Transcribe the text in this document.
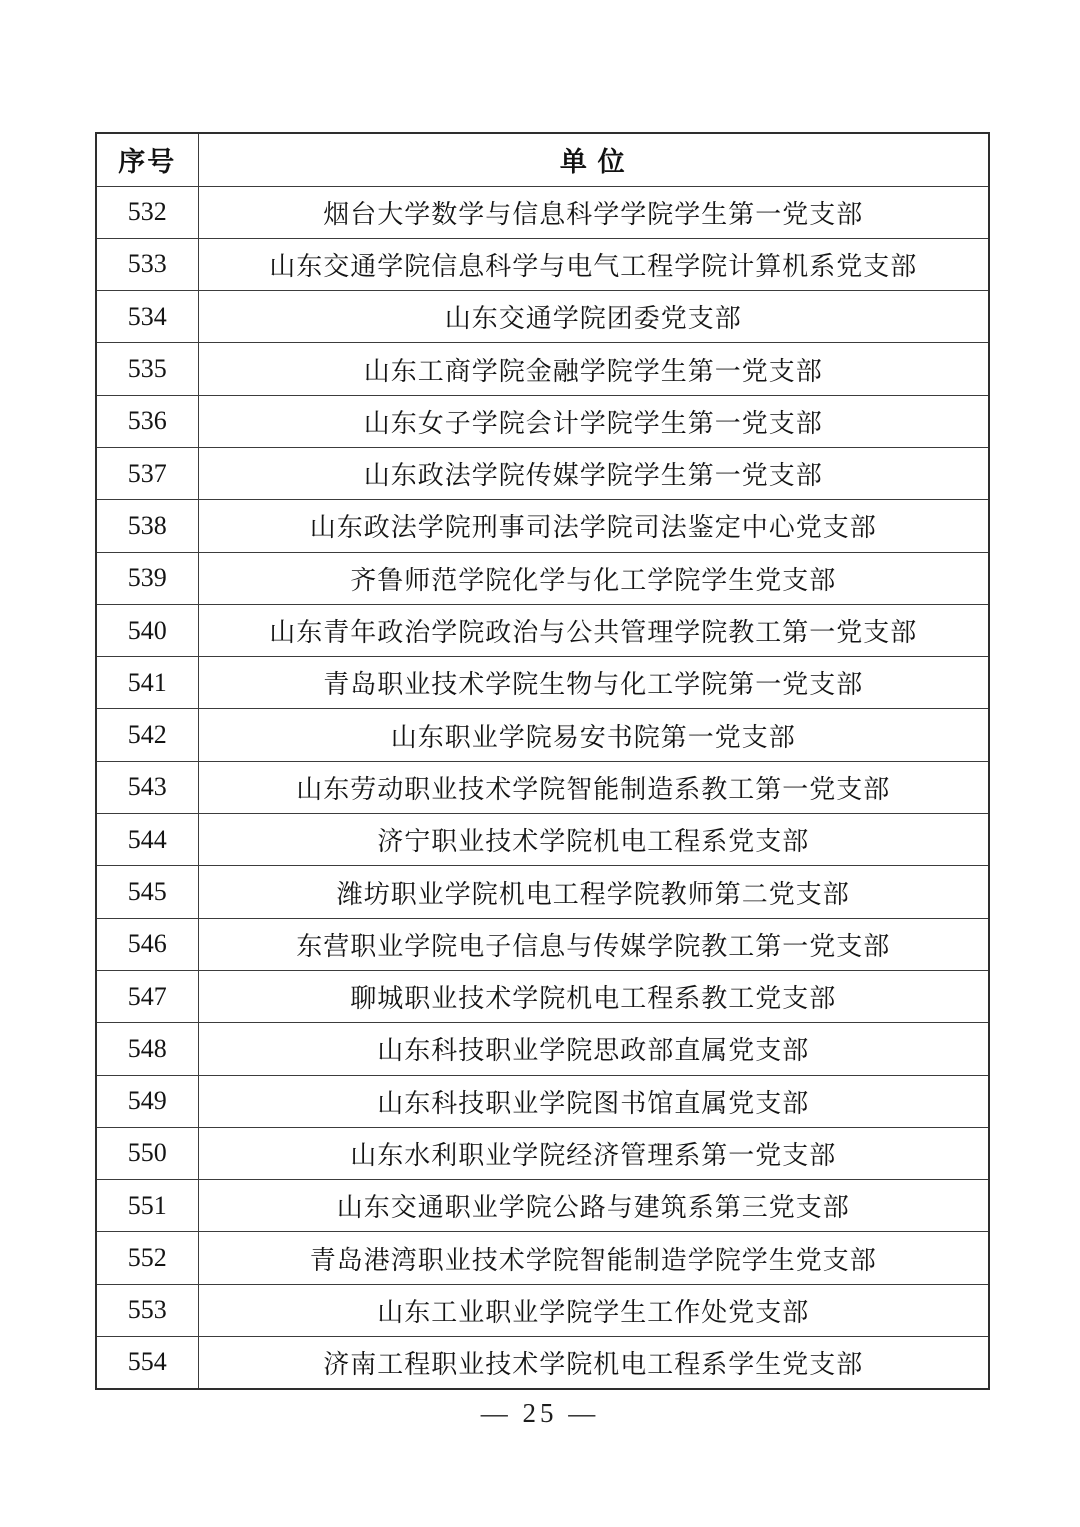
序号	单 位
532	烟台大学数学与信息科学学院学生第一党支部
533	山东交通学院信息科学与电气工程学院计算机系党支部
534	山东交通学院团委党支部
535	山东工商学院金融学院学生第一党支部
536	山东女子学院会计学院学生第一党支部
537	山东政法学院传媒学院学生第一党支部
538	山东政法学院刑事司法学院司法鉴定中心党支部
539	齐鲁师范学院化学与化工学院学生党支部
540	山东青年政治学院政治与公共管理学院教工第一党支部
541	青岛职业技术学院生物与化工学院第一党支部
542	山东职业学院易安书院第一党支部
543	山东劳动职业技术学院智能制造系教工第一党支部
544	济宁职业技术学院机电工程系党支部
545	潍坊职业学院机电工程学院教师第二党支部
546	东营职业学院电子信息与传媒学院教工第一党支部
547	聊城职业技术学院机电工程系教工党支部
548	山东科技职业学院思政部直属党支部
549	山东科技职业学院图书馆直属党支部
550	山东水利职业学院经济管理系第一党支部
551	山东交通职业学院公路与建筑系第三党支部
552	青岛港湾职业技术学院智能制造学院学生党支部
553	山东工业职业学院学生工作处党支部
554	济南工程职业技术学院机电工程系学生党支部
— 25 —
